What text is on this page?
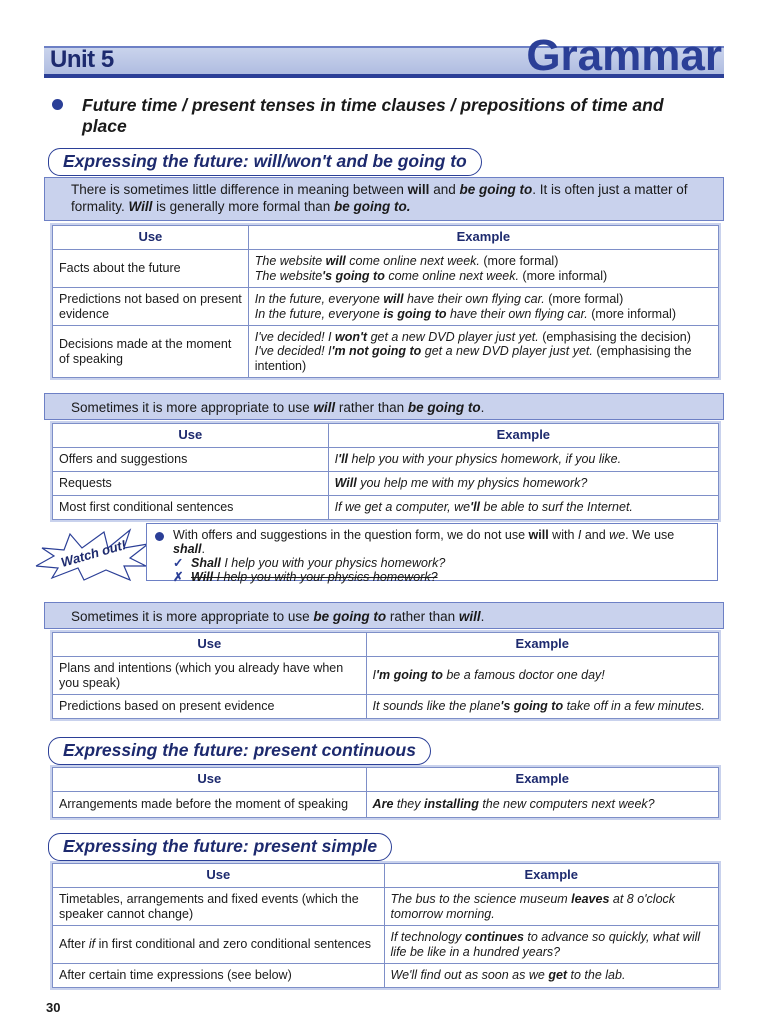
Unit 5	Grammar
Future time / present tenses in time clauses / prepositions of time and place
Expressing the future: will/won't and be going to
There is sometimes little difference in meaning between will and be going to. It is often just a matter of formality. Will is generally more formal than be going to.
Use	Example
Facts about the future	The website will come online next week. (more formal)
The website's going to come online next week. (more informal)
Predictions not based on present evidence	In the future, everyone will have their own flying car. (more formal)
In the future, everyone is going to have their own flying car. (more informal)
Decisions made at the moment of speaking	I've decided! I won't get a new DVD player just yet. (emphasising the decision)
I've decided! I'm not going to get a new DVD player just yet. (emphasising the intention)
Sometimes it is more appropriate to use will rather than be going to.
Use	Example
Offers and suggestions	I'll help you with your physics homework, if you like.
Requests	Will you help me with my physics homework?
Most first conditional sentences	If we get a computer, we'll be able to surf the Internet.
Watch out!
With offers and suggestions in the question form, we do not use will with I and we. We use shall.
✓ Shall I help you with your physics homework?
✗ Will I help you with your physics homework?
Sometimes it is more appropriate to use be going to rather than will.
Use	Example
Plans and intentions (which you already have when you speak)	I'm going to be a famous doctor one day!
Predictions based on present evidence	It sounds like the plane's going to take off in a few minutes.
Expressing the future: present continuous
Use	Example
Arrangements made before the moment of speaking	Are they installing the new computers next week?
Expressing the future: present simple
Use	Example
Timetables, arrangements and fixed events (which the speaker cannot change)	The bus to the science museum leaves at 8 o'clock tomorrow morning.
After if in first conditional and zero conditional sentences	If technology continues to advance so quickly, what will life be like in a hundred years?
After certain time expressions (see below)	We'll find out as soon as we get to the lab.
30
